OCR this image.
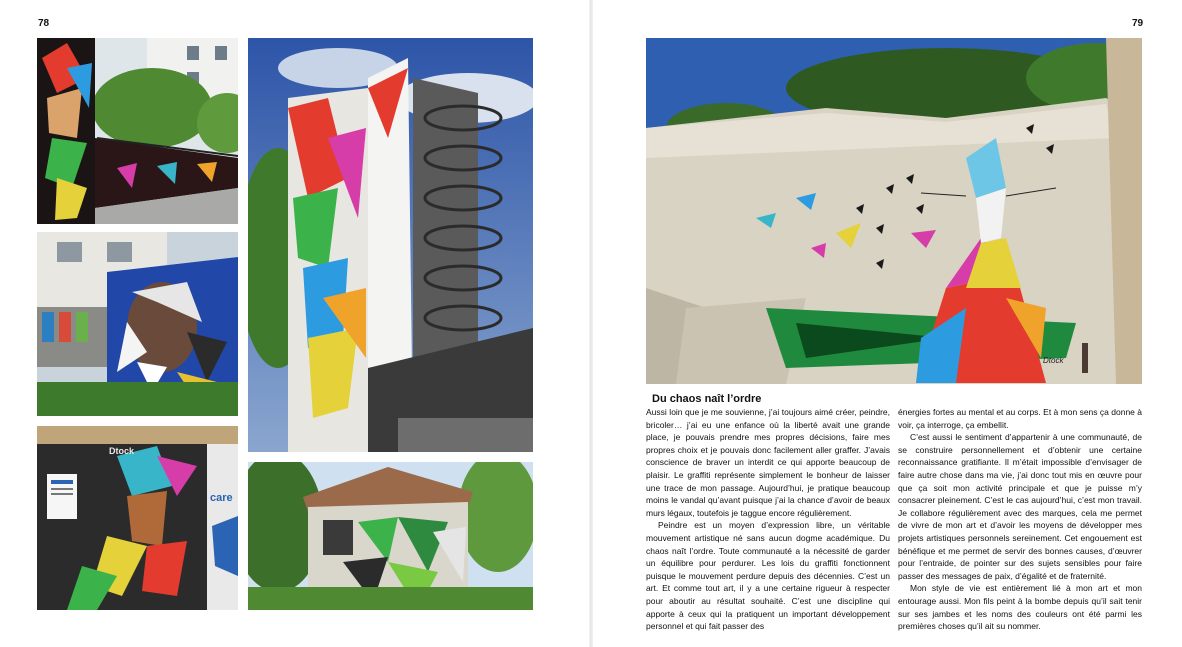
78
Dtock
care
79
Dtock
Du chaos naît l’ordre

Aussi loin que je me souvienne, j’ai toujours aimé créer, peindre, bricoler… j’ai eu une enfance où la liberté avait une grande place, je pouvais prendre mes propres décisions, faire mes propres choix et je pouvais donc facilement aller graffer. J’avais conscience de braver un interdit ce qui apporte beaucoup de plaisir. Le graffiti représente simplement le bonheur de laisser une trace de mon passage. Aujourd’hui, je pratique beaucoup moins le vandal qu’avant puisque j’ai la chance d’avoir de beaux murs légaux, toutefois je taggue encore régulièrement.

Peindre est un moyen d’expression libre, un véritable mouvement artistique né sans aucun dogme académique. Du chaos naît l’ordre. Toute communauté a la nécessité de garder un équilibre pour perdurer. Les lois du graffiti fonctionnent puisque le mouvement perdure depuis des décennies. C’est un art. Et comme tout art, il y a une certaine rigueur à respecter pour aboutir au résultat souhaité. C’est une discipline qui apporte à ceux qui la pratiquent un important développement personnel et qui fait passer des

énergies fortes au mental et au corps. Et à mon sens ça donne à voir, ça interroge, ça embellit.

C’est aussi le sentiment d’appartenir à une communauté, de se construire personnellement et d’obtenir une certaine reconnaissance gratifiante. Il m’était impossible d’envisager de faire autre chose dans ma vie, j’ai donc tout mis en œuvre pour que ça soit mon activité principale et que je puisse m’y consacrer pleinement. C’est le cas aujourd’hui, c’est mon travail. Je collabore régulièrement avec des marques, cela me permet de vivre de mon art et d’avoir les moyens de développer mes projets artistiques personnels sereinement. Cet engouement est bénéfique et me permet de servir des bonnes causes, d’œuvrer pour l’entraide, de pointer sur des sujets sensibles pour faire passer des messages de paix, d’égalité et de fraternité.

Mon style de vie est entièrement lié à mon art et mon entourage aussi. Mon fils peint à la bombe depuis qu’il sait tenir sur ses jambes et les noms des couleurs ont été parmi les premières choses qu’il ait su nommer.
